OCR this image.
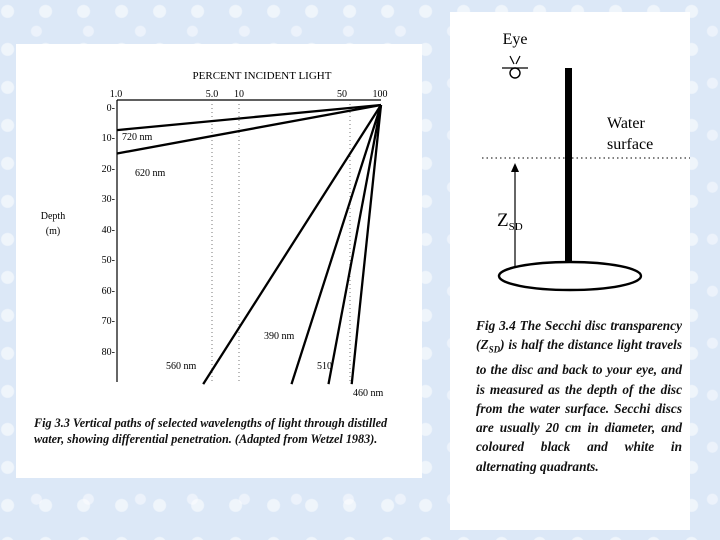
PERCENT INCIDENT LIGHT
1.0	5.0 10	50	100
0-
10-
20-
30-
40-
50-
60-
70-
80-
Depth
(m)
720 nm
620 nm
390 nm
560 nm	510
460 nm
Fig 3.3 Vertical paths of selected wavelengths of light through distilled water, showing differential penetration. (Adapted from Wetzel 1983).
Eye
Water
surface
$Z_{SD}$
Fig 3.4 The Secchi disc transparency $(Z_{SD})$ is half the distance light travels to the disc and back to your eye, and is measured as the depth of the disc from the water surface. Secchi discs are usually 20 cm in diameter, and coloured black and white in alternating quadrants.
